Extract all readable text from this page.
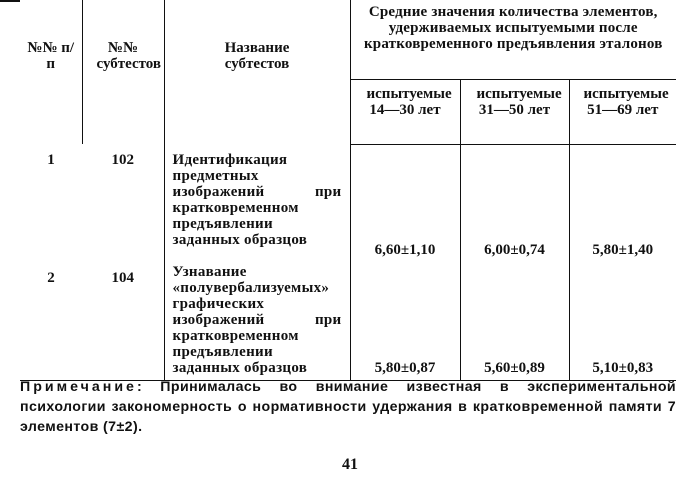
№№ п/п	№№ субтестов	Название субтестов	Средние значения количества элементов, удерживаемых испытуемыми после кратковременного предъявления эталонов		
			испытуемые 14—30 лет	испытуемые 31—50 лет	испытуемые 51—69 лет
1	102	Идентификация предметных изображений при кратковременном предъявлении заданных образцов	6,60±1,10	6,00±0,74	5,80±1,40
2	104	Узнавание «полувербализуемых» графических изображений при кратковременном предъявлении заданных образцов	5,80±0,87	5,60±0,89	5,10±0,83
Примечание: Принималась во внимание известная в экспериментальной психологии закономерность о нормативности удержания в кратковременной памяти 7 элементов (7±2).
41
